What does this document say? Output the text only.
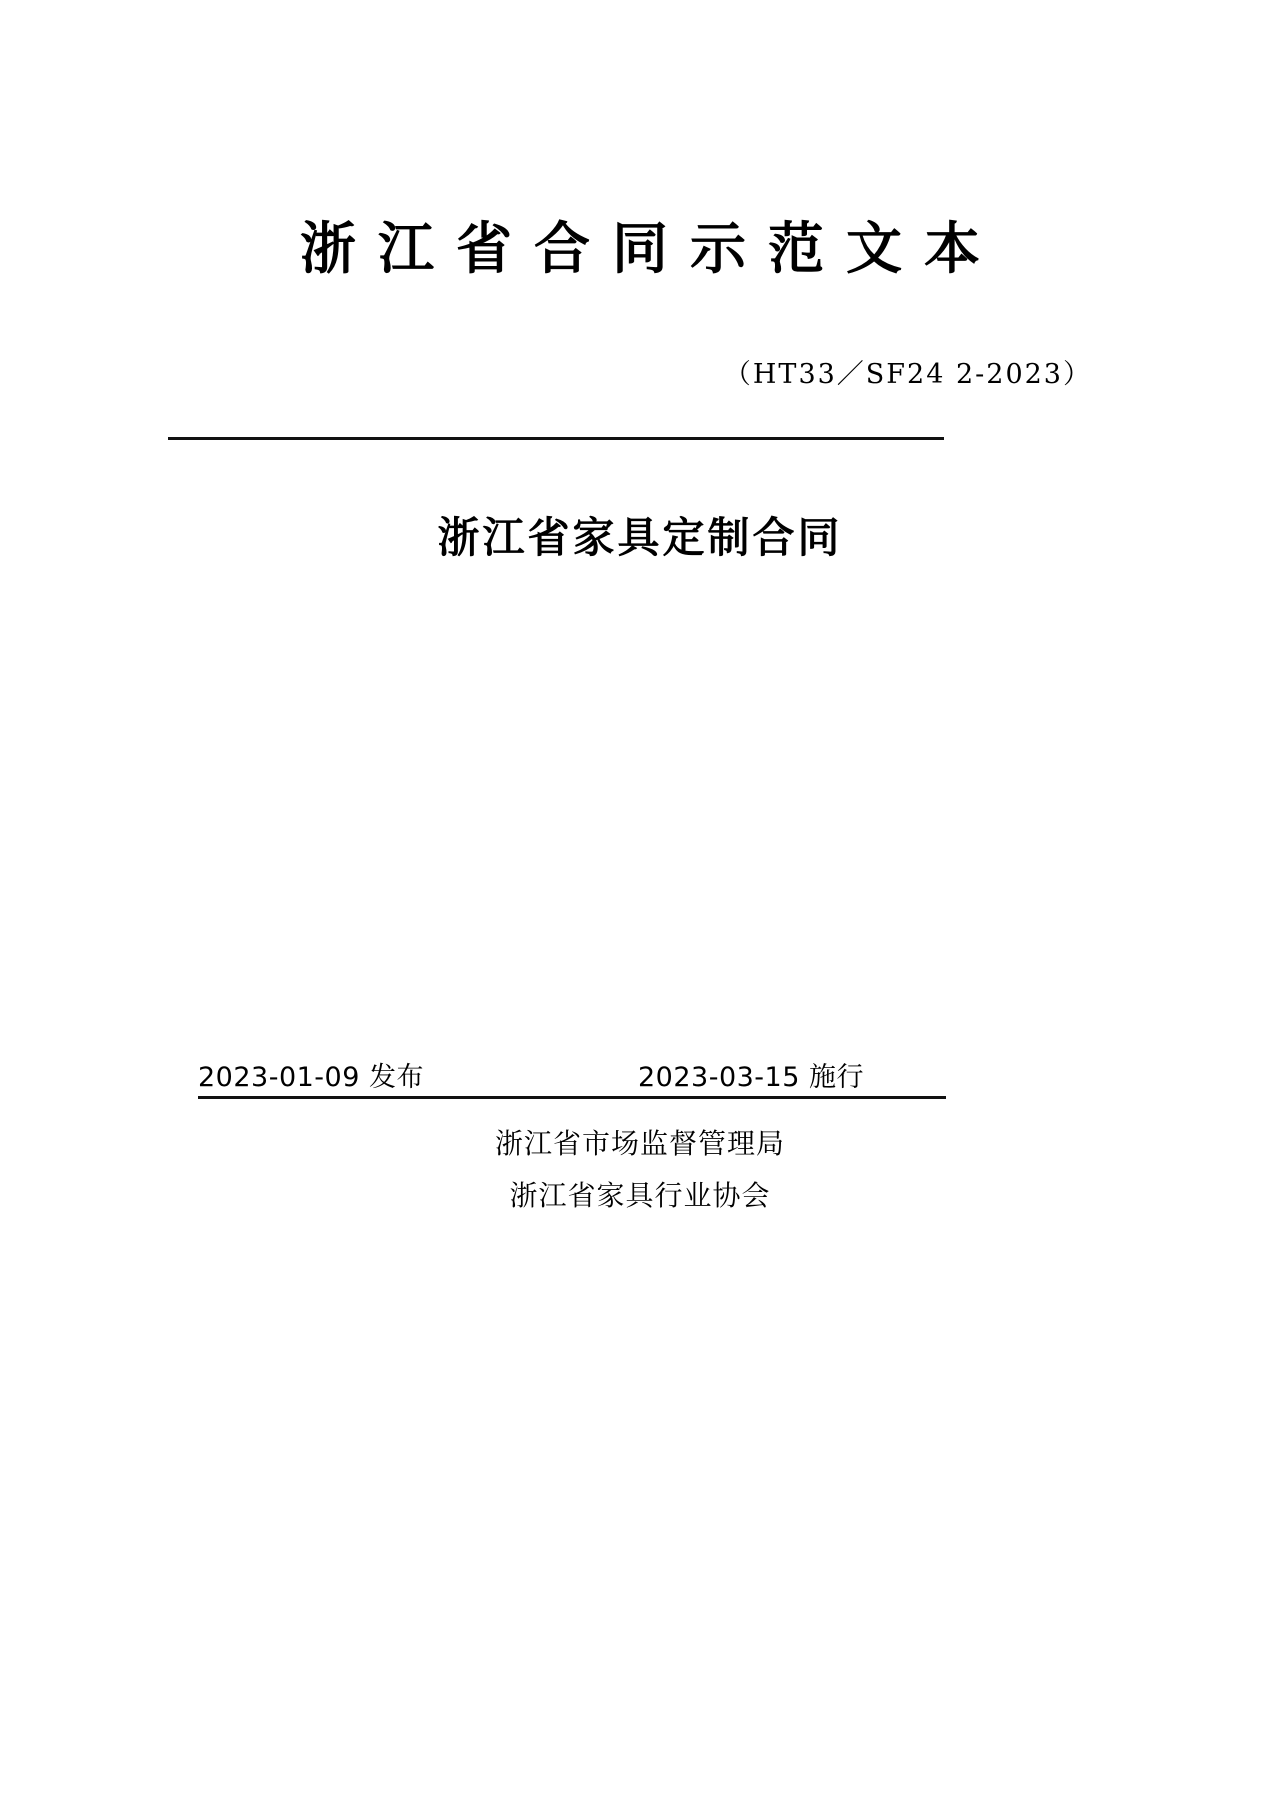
浙江省合同示范文本
（HT33／SF24 2-2023）
浙江省家具定制合同
2023-01-09 发布	2023-03-15 施行
浙江省市场监督管理局
浙江省家具行业协会
